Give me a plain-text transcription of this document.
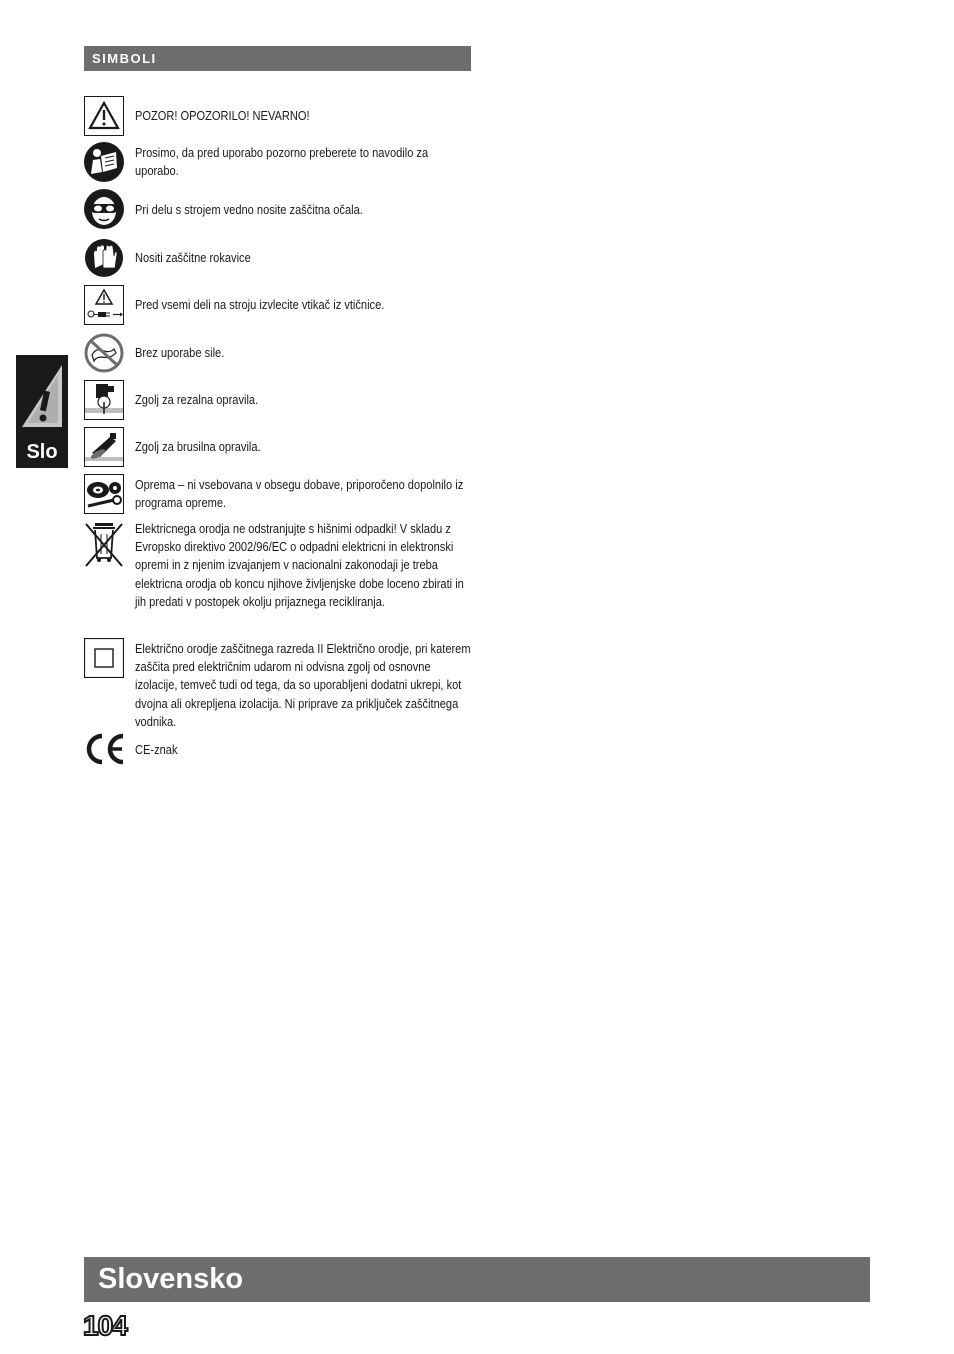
SIMBOLI
Slo
POZOR! OPOZORILO! NEVARNO!
Prosimo, da pred uporabo pozorno preberete to navodilo za uporabo.
Pri delu s strojem vedno nosite zaščitna očala.
Nositi zaščitne rokavice
Pred vsemi deli na stroju izvlecite vtikač iz vtičnice.
Brez uporabe sile.
Zgolj za rezalna opravila.
Zgolj za brusilna opravila.
Oprema – ni vsebovana v obsegu dobave, priporočeno dopolnilo iz programa opreme.
Elektricnega orodja ne odstranjujte s hišnimi odpadki! V skladu z Evropsko direktivo 2002/96/EC o odpadni elektricni in elektronski opremi in z njenim izvajanjem v nacionalni zakonodaji je treba elektricna orodja ob koncu njihove življenjske dobe loceno zbirati in jih predati v postopek okolju prijaznega recikliranja.
Električno orodje zaščitnega razreda II Električno orodje, pri katerem zaščita pred električnim udarom ni odvisna zgolj od osnovne izolacije, temveč tudi od tega, da so uporabljeni dodatni ukrepi, kot dvojna ali okrepljena izolacija. Ni priprave za priključek zaščitnega vodnika.
CE-znak
Slovensko
104
